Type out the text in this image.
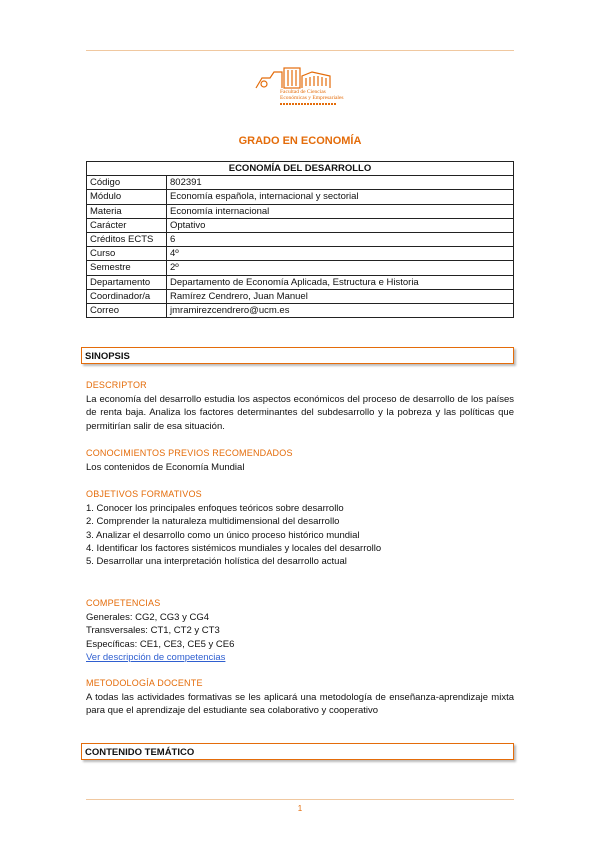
Facultad de Ciencias
Económicas y Empresariales
GRADO EN ECONOMÍA
ECONOMÍA DEL DESARROLLO	
Código	802391
Módulo	Economía española, internacional y sectorial
Materia	Economía internacional
Carácter	Optativo
Créditos ECTS	6
Curso	4º
Semestre	2º
Departamento	Departamento de Economía Aplicada, Estructura e Historia
Coordinador/a	Ramírez Cendrero, Juan Manuel
Correo	jmramirezcendrero@ucm.es
SINOPSIS
DESCRIPTOR
La economía del desarrollo estudia los aspectos económicos del proceso de desarrollo de los países de renta baja. Analiza los factores determinantes del subdesarrollo y la pobreza y las políticas que permitirían salir de esa situación.
CONOCIMIENTOS PREVIOS RECOMENDADOS
Los contenidos de Economía Mundial
OBJETIVOS FORMATIVOS
1. Conocer los principales enfoques teóricos sobre desarrollo
2. Comprender la naturaleza multidimensional del desarrollo
3. Analizar el desarrollo como un único proceso histórico mundial
4. Identificar los factores sistémicos mundiales y locales del desarrollo
5. Desarrollar una interpretación holística del desarrollo actual
COMPETENCIAS
Generales: CG2, CG3 y CG4
Transversales: CT1, CT2 y CT3
Específicas: CE1, CE3, CE5 y CE6
Ver descripción de competencias
METODOLOGÍA DOCENTE
A todas las actividades formativas se les aplicará una metodología de enseñanza-aprendizaje mixta para que el aprendizaje del estudiante sea colaborativo y cooperativo
CONTENIDO TEMÁTICO
1
